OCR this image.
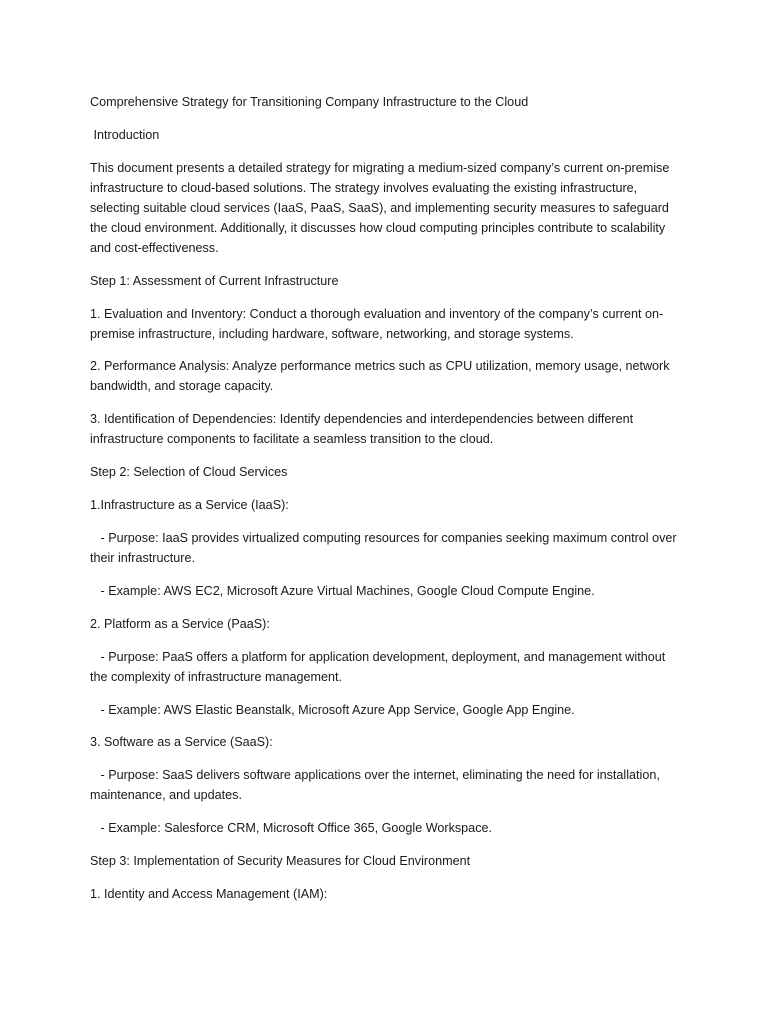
Comprehensive Strategy for Transitioning Company Infrastructure to the Cloud

Introduction

This document presents a detailed strategy for migrating a medium-sized company’s current on-premise infrastructure to cloud-based solutions. The strategy involves evaluating the existing infrastructure, selecting suitable cloud services (IaaS, PaaS, SaaS), and implementing security measures to safeguard the cloud environment. Additionally, it discusses how cloud computing principles contribute to scalability and cost-effectiveness.

Step 1: Assessment of Current Infrastructure

1. Evaluation and Inventory: Conduct a thorough evaluation and inventory of the company’s current on-premise infrastructure, including hardware, software, networking, and storage systems.

2. Performance Analysis: Analyze performance metrics such as CPU utilization, memory usage, network bandwidth, and storage capacity.

3. Identification of Dependencies: Identify dependencies and interdependencies between different infrastructure components to facilitate a seamless transition to the cloud.

Step 2: Selection of Cloud Services

1.Infrastructure as a Service (IaaS):

- Purpose: IaaS provides virtualized computing resources for companies seeking maximum control over their infrastructure.

- Example: AWS EC2, Microsoft Azure Virtual Machines, Google Cloud Compute Engine.

2. Platform as a Service (PaaS):

- Purpose: PaaS offers a platform for application development, deployment, and management without the complexity of infrastructure management.

- Example: AWS Elastic Beanstalk, Microsoft Azure App Service, Google App Engine.

3. Software as a Service (SaaS):

- Purpose: SaaS delivers software applications over the internet, eliminating the need for installation, maintenance, and updates.

- Example: Salesforce CRM, Microsoft Office 365, Google Workspace.

Step 3: Implementation of Security Measures for Cloud Environment

1. Identity and Access Management (IAM):
